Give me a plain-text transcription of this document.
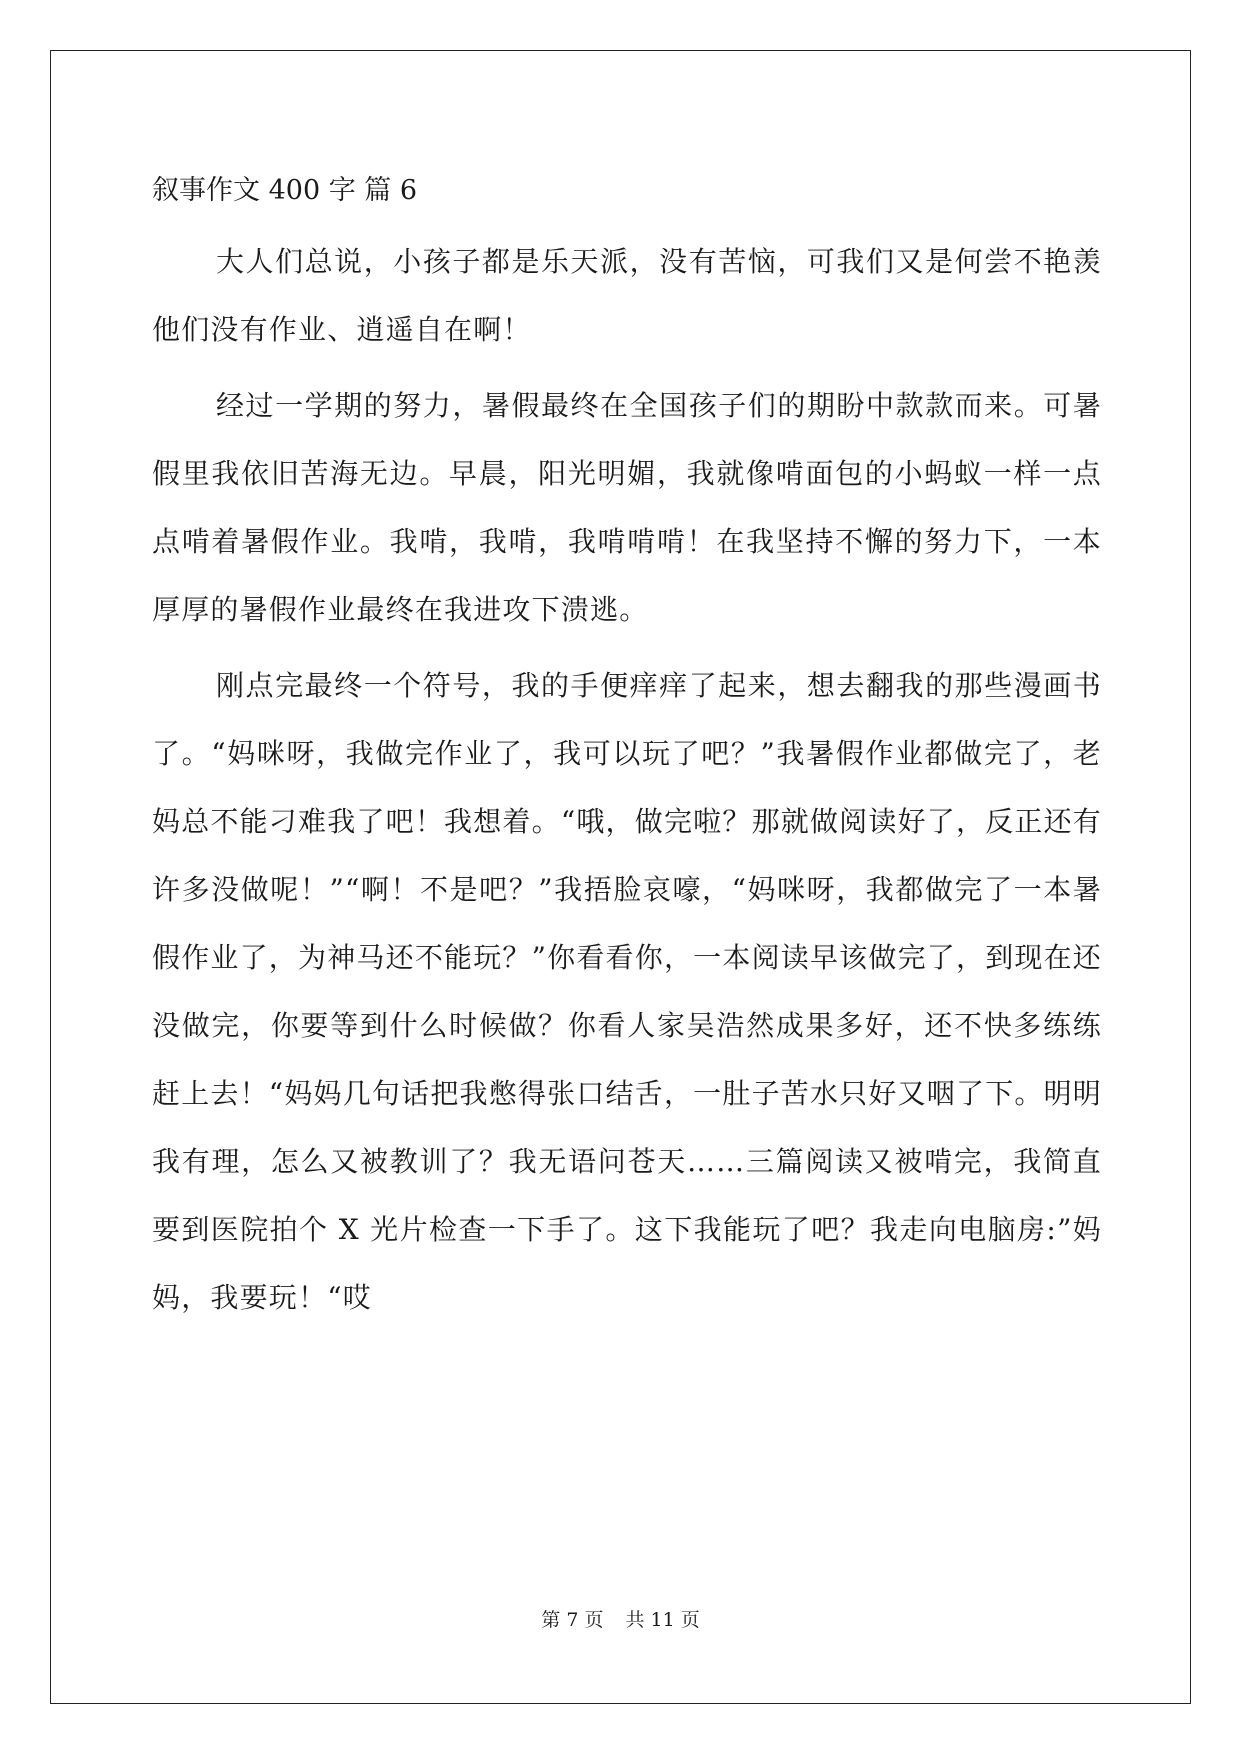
叙事作文 400 字 篇 6

大人们总说，小孩子都是乐天派，没有苦恼，可我们又是何尝不艳羡他们没有作业、逍遥自在啊！

经过一学期的努力，暑假最终在全国孩子们的期盼中款款而来。可暑假里我依旧苦海无边。早晨，阳光明媚，我就像啃面包的小蚂蚁一样一点点啃着暑假作业。我啃，我啃，我啃啃啃！在我坚持不懈的努力下，一本厚厚的暑假作业最终在我进攻下溃逃。

刚点完最终一个符号，我的手便痒痒了起来，想去翻我的那些漫画书了。“妈咪呀，我做完作业了，我可以玩了吧？”我暑假作业都做完了，老妈总不能刁难我了吧！我想着。“哦，做完啦？那就做阅读好了，反正还有许多没做呢！”“啊！不是吧？”我捂脸哀嚎，“妈咪呀，我都做完了一本暑假作业了，为神马还不能玩？”你看看你，一本阅读早该做完了，到现在还没做完，你要等到什么时候做？你看人家吴浩然成果多好，还不快多练练赶上去！“妈妈几句话把我憋得张口结舌，一肚子苦水只好又咽了下。明明我有理，怎么又被教训了？我无语问苍天……三篇阅读又被啃完，我简直要到医院拍个 X 光片检查一下手了。这下我能玩了吧？我走向电脑房:”妈妈，我要玩！“哎

第 7 页 共 11 页
